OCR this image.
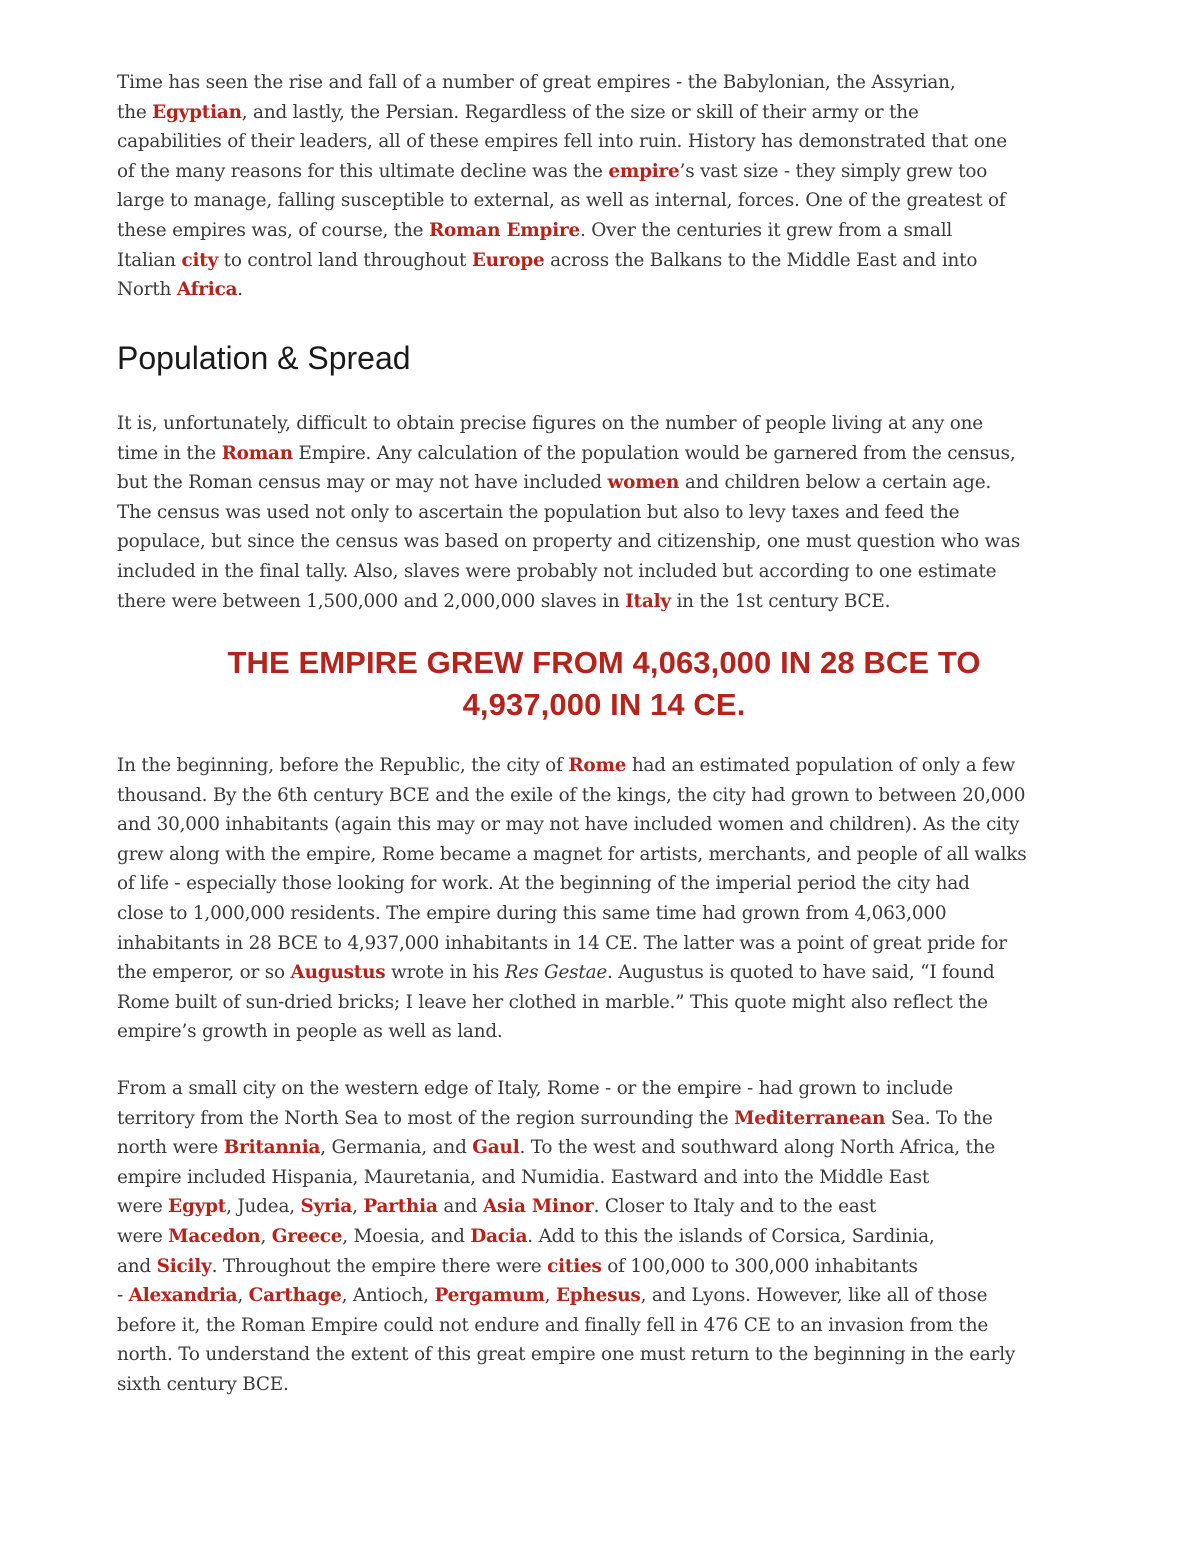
Time has seen the rise and fall of a number of great empires - the Babylonian, the Assyrian,
the Egyptian, and lastly, the Persian. Regardless of the size or skill of their army or the
capabilities of their leaders, all of these empires fell into ruin. History has demonstrated that one
of the many reasons for this ultimate decline was the empire’s vast size - they simply grew too
large to manage, falling susceptible to external, as well as internal, forces. One of the greatest of
these empires was, of course, the Roman Empire. Over the centuries it grew from a small
Italian city to control land throughout Europe across the Balkans to the Middle East and into
North Africa.

Population & Spread

It is, unfortunately, difficult to obtain precise figures on the number of people living at any one
time in the Roman Empire. Any calculation of the population would be garnered from the census,
but the Roman census may or may not have included women and children below a certain age.
The census was used not only to ascertain the population but also to levy taxes and feed the
populace, but since the census was based on property and citizenship, one must question who was
included in the final tally. Also, slaves were probably not included but according to one estimate
there were between 1,500,000 and 2,000,000 slaves in Italy in the 1st century BCE.

THE EMPIRE GREW FROM 4,063,000 IN 28 BCE TO

4,937,000 IN 14 CE.

In the beginning, before the Republic, the city of Rome had an estimated population of only a few
thousand. By the 6th century BCE and the exile of the kings, the city had grown to between 20,000
and 30,000 inhabitants (again this may or may not have included women and children). As the city
grew along with the empire, Rome became a magnet for artists, merchants, and people of all walks
of life - especially those looking for work. At the beginning of the imperial period the city had
close to 1,000,000 residents. The empire during this same time had grown from 4,063,000
inhabitants in 28 BCE to 4,937,000 inhabitants in 14 CE. The latter was a point of great pride for
the emperor, or so Augustus wrote in his Res Gestae. Augustus is quoted to have said, “I found
Rome built of sun-dried bricks; I leave her clothed in marble.” This quote might also reflect the
empire’s growth in people as well as land.

From a small city on the western edge of Italy, Rome - or the empire - had grown to include
territory from the North Sea to most of the region surrounding the Mediterranean Sea. To the
north were Britannia, Germania, and Gaul. To the west and southward along North Africa, the
empire included Hispania, Mauretania, and Numidia. Eastward and into the Middle East
were Egypt, Judea, Syria, Parthia and Asia Minor. Closer to Italy and to the east
were Macedon, Greece, Moesia, and Dacia. Add to this the islands of Corsica, Sardinia,
and Sicily. Throughout the empire there were cities of 100,000 to 300,000 inhabitants
- Alexandria, Carthage, Antioch, Pergamum, Ephesus, and Lyons. However, like all of those
before it, the Roman Empire could not endure and finally fell in 476 CE to an invasion from the
north. To understand the extent of this great empire one must return to the beginning in the early
sixth century BCE.
